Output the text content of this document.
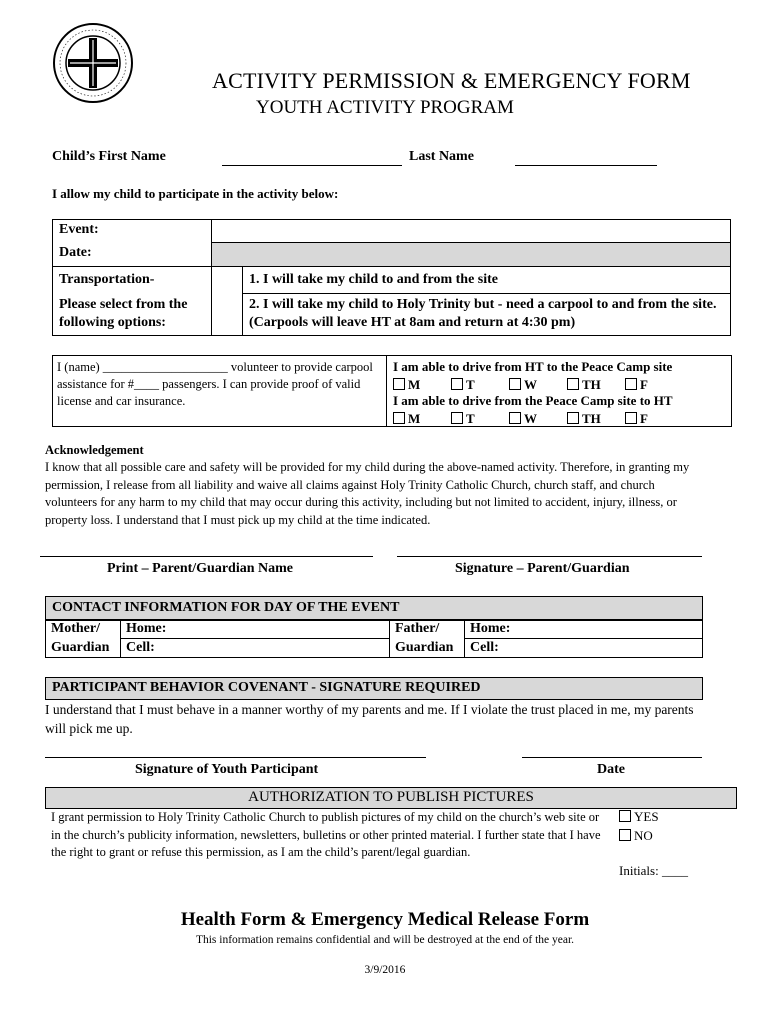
ACTIVITY PERMISSION & EMERGENCY FORM
YOUTH ACTIVITY PROGRAM
Child’s First Name	Last Name
I allow my child to participate in the activity below:
Event:		
Date:		
Transportation-		1. I will take my child to and from the site
Please select from the following options:		2. I will take my child to Holy Trinity but - need a carpool to and from the site. (Carpools will leave HT at 8am and return at 4:30 pm)
I (name) ____________________ volunteer to provide carpool assistance for #____ passengers. I can provide proof of valid license and car insurance.
I am able to drive from HT to the Peace Camp site
M	T	W	TH	F
I am able to drive from the Peace Camp site to HT
M	T	W	TH	F
Acknowledgement
I know that all possible care and safety will be provided for my child during the above-named activity. Therefore, in granting my permission, I release from all liability and waive all claims against Holy Trinity Catholic Church, church staff, and church volunteers for any harm to my child that may occur during this activity, including but not limited to accident, injury, illness, or property loss. I understand that I must pick up my child at the time indicated.
Print – Parent/Guardian Name	Signature – Parent/Guardian
CONTACT INFORMATION FOR DAY OF THE EVENT
Mother/	Home:	Father/	Home:
Guardian	Cell:	Guardian	Cell:
PARTICIPANT BEHAVIOR COVENANT - SIGNATURE REQUIRED
I understand that I must behave in a manner worthy of my parents and me. If I violate the trust placed in me, my parents will pick me up.
Signature of Youth Participant	Date
AUTHORIZATION TO PUBLISH PICTURES
I grant permission to Holy Trinity Catholic Church to publish pictures of my child on the church’s web site or in the church’s publicity information, newsletters, bulletins or other printed material. I further state that I have the right to grant or refuse this permission, as I am the child’s parent/legal guardian.
YES
NO
Initials: ____
Health Form & Emergency Medical Release Form
This information remains confidential and will be destroyed at the end of the year.
3/9/2016
